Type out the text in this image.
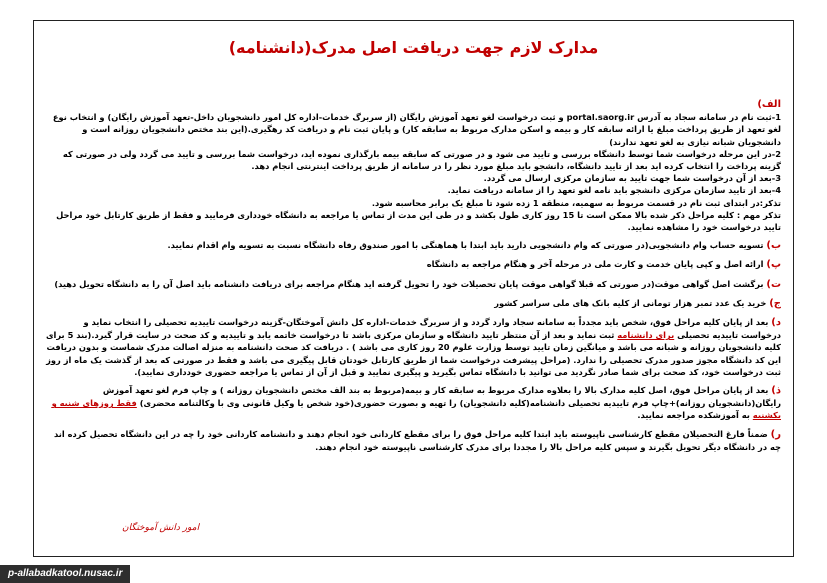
مدارک لازم جهت دریافت اصل مدرک(دانشنامه)

الف)

1-ثبت نام در سامانه سجاد به آدرس portal.saorg.ir و ثبت درخواست لغو تعهد آموزش رایگان (از سربرگ خدمات-اداره کل امور دانشجویان داخل-تعهد آموزش رایگان) و انتخاب نوع لغو تعهد از طریق پرداخت مبلغ یا ارائه سابقه کار و بیمه و اسکن مدارک مربوط به سابقه کار) و پایان ثبت نام و دریافت کد رهگیری.(این بند مختص دانشجویان روزانه است و دانشجویان شبانه نیازی به لغو تعهد ندارند)

2-در این مرحله درخواست شما توسط دانشگاه بررسی و تایید می شود و در صورتی که سابقه بیمه بارگذاری نموده اید، درخواست شما بررسی و تایید می گردد ولی در صورتی که گزینه پرداخت را انتخاب کرده اید بعد از تایید دانشگاه، دانشجو باید مبلغ مورد نظر را در سامانه از طریق پرداخت اینترنتی انجام دهد.

3-بعد از آن درخواست شما جهت تایید به سازمان مرکزی ارسال می گردد.

4-بعد از تایید سازمان مرکزی دانشجو باید نامه لغو تعهد را از سامانه دریافت نماید.

تذکر:در ابتدای ثبت نام در قسمت مربوط به سهمیه، منطقه 1 زده شود تا مبلغ یک برابر محاسبه شود.

تذکر مهم : کلیه مراحل ذکر شده بالا ممکن است تا 15 روز کاری طول بکشد و در طی این مدت از تماس یا مراجعه به دانشگاه خودداری فرمایید و فقط از طریق کارتابل خود مراحل تایید درخواست خود را مشاهده نمایید.

ب) تسویه حساب وام دانشجویی(در صورتی که وام دانشجویی دارید باید ابتدا با هماهنگی با امور صندوق رفاه دانشگاه نسبت به تسویه وام اقدام نمایید.

پ) ارائه اصل و کپی پایان خدمت و کارت ملی در مرحله آخر و هنگام مراجعه به دانشگاه

ت) برگشت اصل گواهی موقت(در صورتی که قبلا گواهی موقت پایان تحصیلات خود را تحویل گرفته اید هنگام مراجعه برای دریافت دانشنامه باید اصل آن را به دانشگاه تحویل دهید)

ج) خرید یک عدد تمبر هزار تومانی از کلیه بانک های ملی سراسر کشور

د) بعد از پایان کلیه مراحل فوق، شخص باید مجدداً به سامانه سجاد وارد گردد و از سربرگ خدمات-اداره کل دانش آموختگان-گزینه درخواست تاییدیه تحصیلی را انتخاب نماید و درخواست تاییدیه تحصیلی برای دانشنامه ثبت نماید و بعد از آن منتظر تایید دانشگاه و سازمان مرکزی باشد تا درخواست خاتمه یابد و تاییدیه و کد صحت در سایت قرار گیرد.(بند 5 برای کلیه دانشجویان روزانه و شبانه می باشد و میانگین زمان تایید توسط وزارت علوم 20 روز کاری می باشد ) . دریافت کد صحت دانشنامه به منزله اصالت مدرک شماست و بدون دریافت این کد دانشگاه مجوز صدور مدرک تحصیلی را ندارد. (مراحل پیشرفت درخواست شما از طریق کارتابل خودتان قابل پیگیری می باشد و فقط در صورتی که بعد از گذشت یک ماه از روز ثبت درخواست خود، کد صحت برای شما صادر نگردید می توانید با دانشگاه تماس بگیرید و پیگیری نمایید و قبل از آن از تماس یا مراجعه حضوری خودداری نمایید).

ذ) بعد از پایان مراحل فوق، اصل کلیه مدارک بالا را بعلاوه مدارک مربوط به سابقه کار و بیمه(مربوط به بند الف مختص دانشجویان روزانه ) و چاپ فرم لغو تعهد آموزش رایگان(دانشجویان روزانه)+چاپ فرم تاییدیه تحصیلی دانشنامه(کلیه دانشجویان) را تهیه و بصورت حضوری(خود شخص یا وکیل قانونی وی با وکالتنامه محضری) فقط روزهای شنبه و یکشنبه به آموزشکده مراجعه نمایید.

ر) ضمناً فارغ التحصیلان مقطع کارشناسی ناپیوسته باید ابتدا کلیه مراحل فوق را برای مقطع کاردانی خود انجام دهند و دانشنامه کاردانی خود را چه در این دانشگاه تحصیل کرده اند چه در دانشگاه دیگر تحویل بگیرند و سپس کلیه مراحل بالا را مجددا برای مدرک کارشناسی ناپیوسته خود انجام دهند.

امور دانش آموختگان
p-allabadkatool.nusac.ir
